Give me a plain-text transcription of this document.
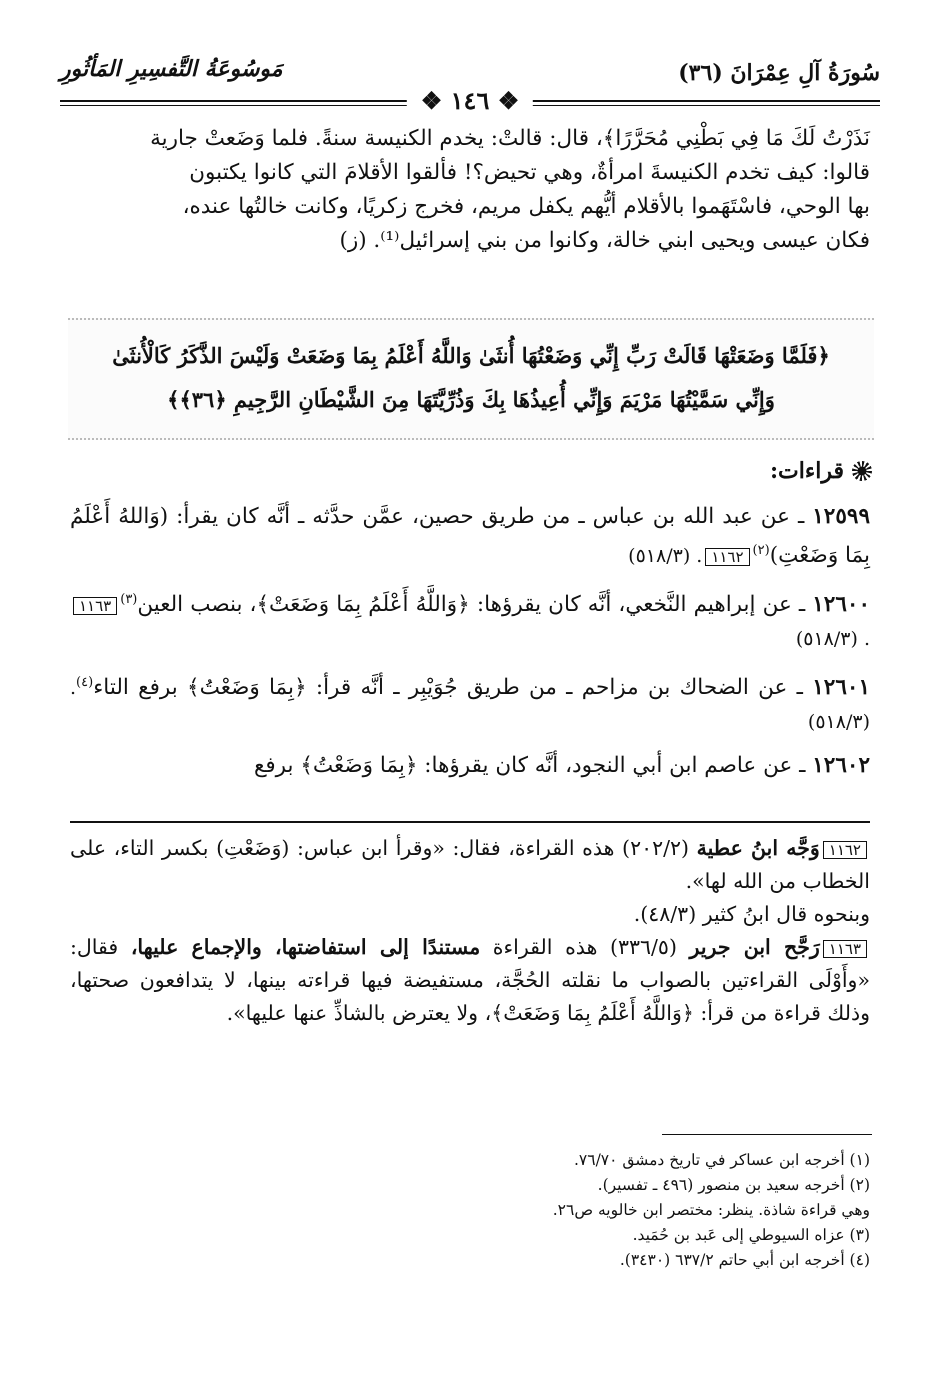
سُورَةُ آلِ عِمْرَانَ (٣٦)
مَوسُوعَةُ التَّفسِيرِ المَأثُورِ
❖ ١٤٦ ❖

نَذَرْتُ لَكَ مَا فِي بَطْنِي مُحَرَّرًا﴾، قال: قالتْ: يخدم الكنيسة سنةً. فلما وَضَعتْ جارية

قالوا: كيف تخدم الكنيسةَ امرأةٌ، وهي تحيض؟! فألقوا الأقلامَ التي كانوا يكتبون

بها الوحي، فاسْتَهَموا بالأقلام أيُّهم يكفل مريم، فخرج زكريًا، وكانت خالتُها عنده،

فكان عيسى ويحيى ابني خالة، وكانوا من بني إسرائيل⁽¹⁾. (ز)

﴿فَلَمَّا وَضَعَتْهَا قَالَتْ رَبِّ إِنِّي وَضَعْتُهَا أُنثَىٰ وَاللَّهُ أَعْلَمُ بِمَا وَضَعَتْ وَلَيْسَ الذَّكَرُ كَالْأُنثَىٰ
وَإِنِّي سَمَّيْتُهَا مَرْيَمَ وَإِنِّي أُعِيذُهَا بِكَ وَذُرِّيَّتَهَا مِنَ الشَّيْطَانِ الرَّجِيمِ ﴿٣٦﴾﴾
قراءات:

١٢٥٩٩ ـ عن عبد الله بن عباس ـ من طريق حصين، عمَّن حدَّثه ـ أنَّه كان يقرأ: (وَاللهُ أَعْلَمُ بِمَا وَضَعْتِ)$^{(٢)}$١١٦٢. (٥١٨/٣)

١٢٦٠٠ ـ عن إبراهيم النَّخعي، أنَّه كان يقرؤها: ﴿وَاللَّهُ أَعْلَمُ بِمَا وَضَعَتْ﴾، بنصب العين$^{(٣)}$١١٦٣. (٥١٨/٣)

١٢٦٠١ ـ عن الضحاك بن مزاحم ـ من طريق جُوَيْبِر ـ أنَّه قرأ: ﴿بِمَا وَضَعْتُ﴾ برفع التاء$^{(٤)}$. (٥١٨/٣)

١٢٦٠٢ ـ عن عاصم ابن أبي النجود، أنَّه كان يقرؤها: ﴿بِمَا وَضَعْتُ﴾ برفع

١١٦٢وَجَّه ابنُ عطية (٢٠٢/٢) هذه القراءة، فقال: «وقرأ ابن عباس: (وَضَعْتِ) بكسر التاء، على الخطاب من الله لها».

وبنحوه قال ابنُ كثير (٤٨/٣).

١١٦٣رَجَّح ابن جرير (٣٣٦/٥) هذه القراءة مستندًا إلى استفاضتها، والإجماع عليها، فقال: «وأَوْلَى القراءتين بالصواب ما نقلته الحُجَّة، مستفيضة فيها قراءته بينها، لا يتدافعون صحتها، وذلك قراءة من قرأ: ﴿وَاللَّهُ أَعْلَمُ بِمَا وَضَعَتْ﴾، ولا يعترض بالشاذِّ عنها عليها».

(١) أخرجه ابن عساكر في تاريخ دمشق ٧٦/٧٠.

(٢) أخرجه سعيد بن منصور (٤٩٦ ـ تفسير).

وهي قراءة شاذة. ينظر: مختصر ابن خالويه ص٢٦.

(٣) عزاه السيوطي إلى عَبد بن حُمَيد.

(٤) أخرجه ابن أبي حاتم ٦٣٧/٢ (٣٤٣٠).
